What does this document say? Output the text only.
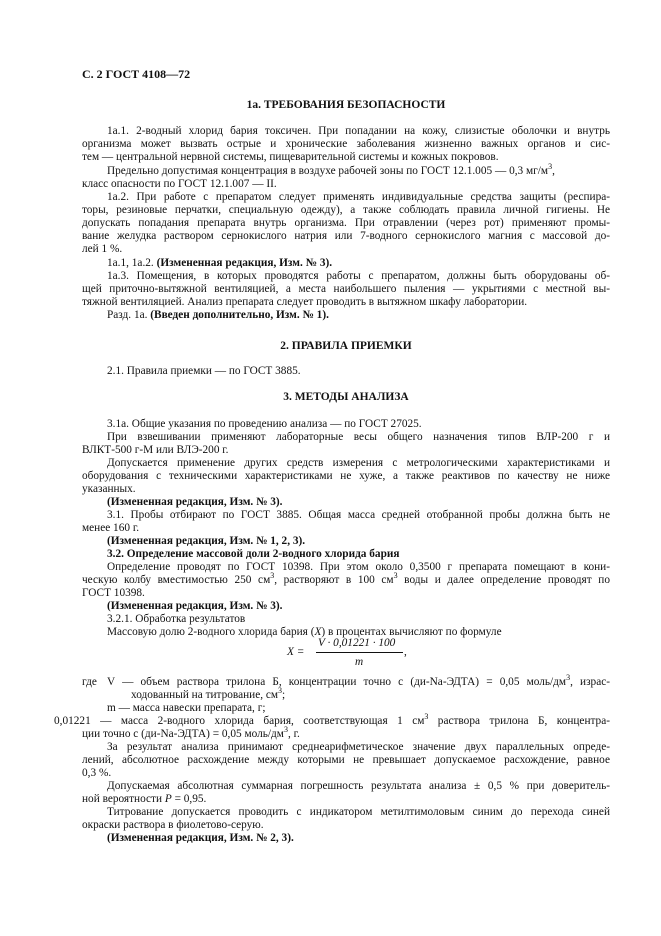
С. 2 ГОСТ 4108—72
1а. ТРЕБОВАНИЯ БЕЗОПАСНОСТИ
1а.1. 2-водный хлорид бария токсичен. При попадании на кожу, слизистые оболочки и внутрь
организма может вызвать острые и хронические заболевания жизненно важных органов и сис-
тем — центральной нервной системы, пищеварительной системы и кожных покровов.
Предельно допустимая концентрация в воздухе рабочей зоны по ГОСТ 12.1.005 — 0,3 $мг/м^3$,
класс опасности по ГОСТ 12.1.007 — II.
1а.2. При работе с препаратом следует применять индивидуальные средства защиты (респира-
торы, резиновые перчатки, специальную одежду), а также соблюдать правила личной гигиены. Не
допускать попадания препарата внутрь организма. При отравлении (через рот) применяют промы-
вание желудка раствором сернокислого натрия или 7-водного сернокислого магния с массовой до-
лей 1 %.
1а.1, 1а.2. (Измененная редакция, Изм. № 3).
1а.3. Помещения, в которых проводятся работы с препаратом, должны быть оборудованы об-
щей приточно-вытяжной вентиляцией, а места наибольшего пыления — укрытиями с местной вы-
тяжной вентиляцией. Анализ препарата следует проводить в вытяжном шкафу лаборатории.
Разд. 1а. (Введен дополнительно, Изм. № 1).
2. ПРАВИЛА ПРИЕМКИ
2.1. Правила приемки — по ГОСТ 3885.
3. МЕТОДЫ АНАЛИЗА
3.1а. Общие указания по проведению анализа — по ГОСТ 27025.
При взвешивании применяют лабораторные весы общего назначения типов ВЛР-200 г и
ВЛКТ-500 г-М или ВЛЭ-200 г.
Допускается применение других средств измерения с метрологическими характеристиками и
оборудования с техническими характеристиками не хуже, а также реактивов по качеству не ниже
указанных.
(Измененная редакция, Изм. № 3).
3.1. Пробы отбирают по ГОСТ 3885. Общая масса средней отобранной пробы должна быть не
менее 160 г.
(Измененная редакция, Изм. № 1, 2, 3).
3.2. Определение массовой доли 2-водного хлорида бария
Определение проводят по ГОСТ 10398. При этом около 0,3500 г препарата помещают в кони-
ческую колбу вместимостью 250 $см^3$, растворяют в 100 $см^3$ воды и далее определение проводят по
ГОСТ 10398.
(Измененная редакция, Изм. № 3).
3.2.1. Обработка результатов
Массовую долю 2-водного хлорида бария (X) в процентах вычисляют по формуле
X =
V · 0,01221 · 100
m
,
где V — объем раствора трилона Б, концентрации точно c (ди-Na-ЭДТА) = 0,05 моль/$дм^3$, израс-
ходованный на титрование, $см^3$;
m — масса навески препарата, г;
0,01221 — масса 2-водного хлорида бария, соответствующая 1 $см^3$ раствора трилона Б, концентра-
ции точно c (ди-Na-ЭДТА) = 0,05 моль/$дм^3$, г.
За результат анализа принимают среднеарифметическое значение двух параллельных опреде-
лений, абсолютное расхождение между которыми не превышает допускаемое расхождение, равное
0,3 %.
Допускаемая абсолютная суммарная погрешность результата анализа ± 0,5 % при доверитель-
ной вероятности P = 0,95.
Титрование допускается проводить с индикатором метилтимоловым синим до перехода синей
окраски раствора в фиолетово-серую.
(Измененная редакция, Изм. № 2, 3).
